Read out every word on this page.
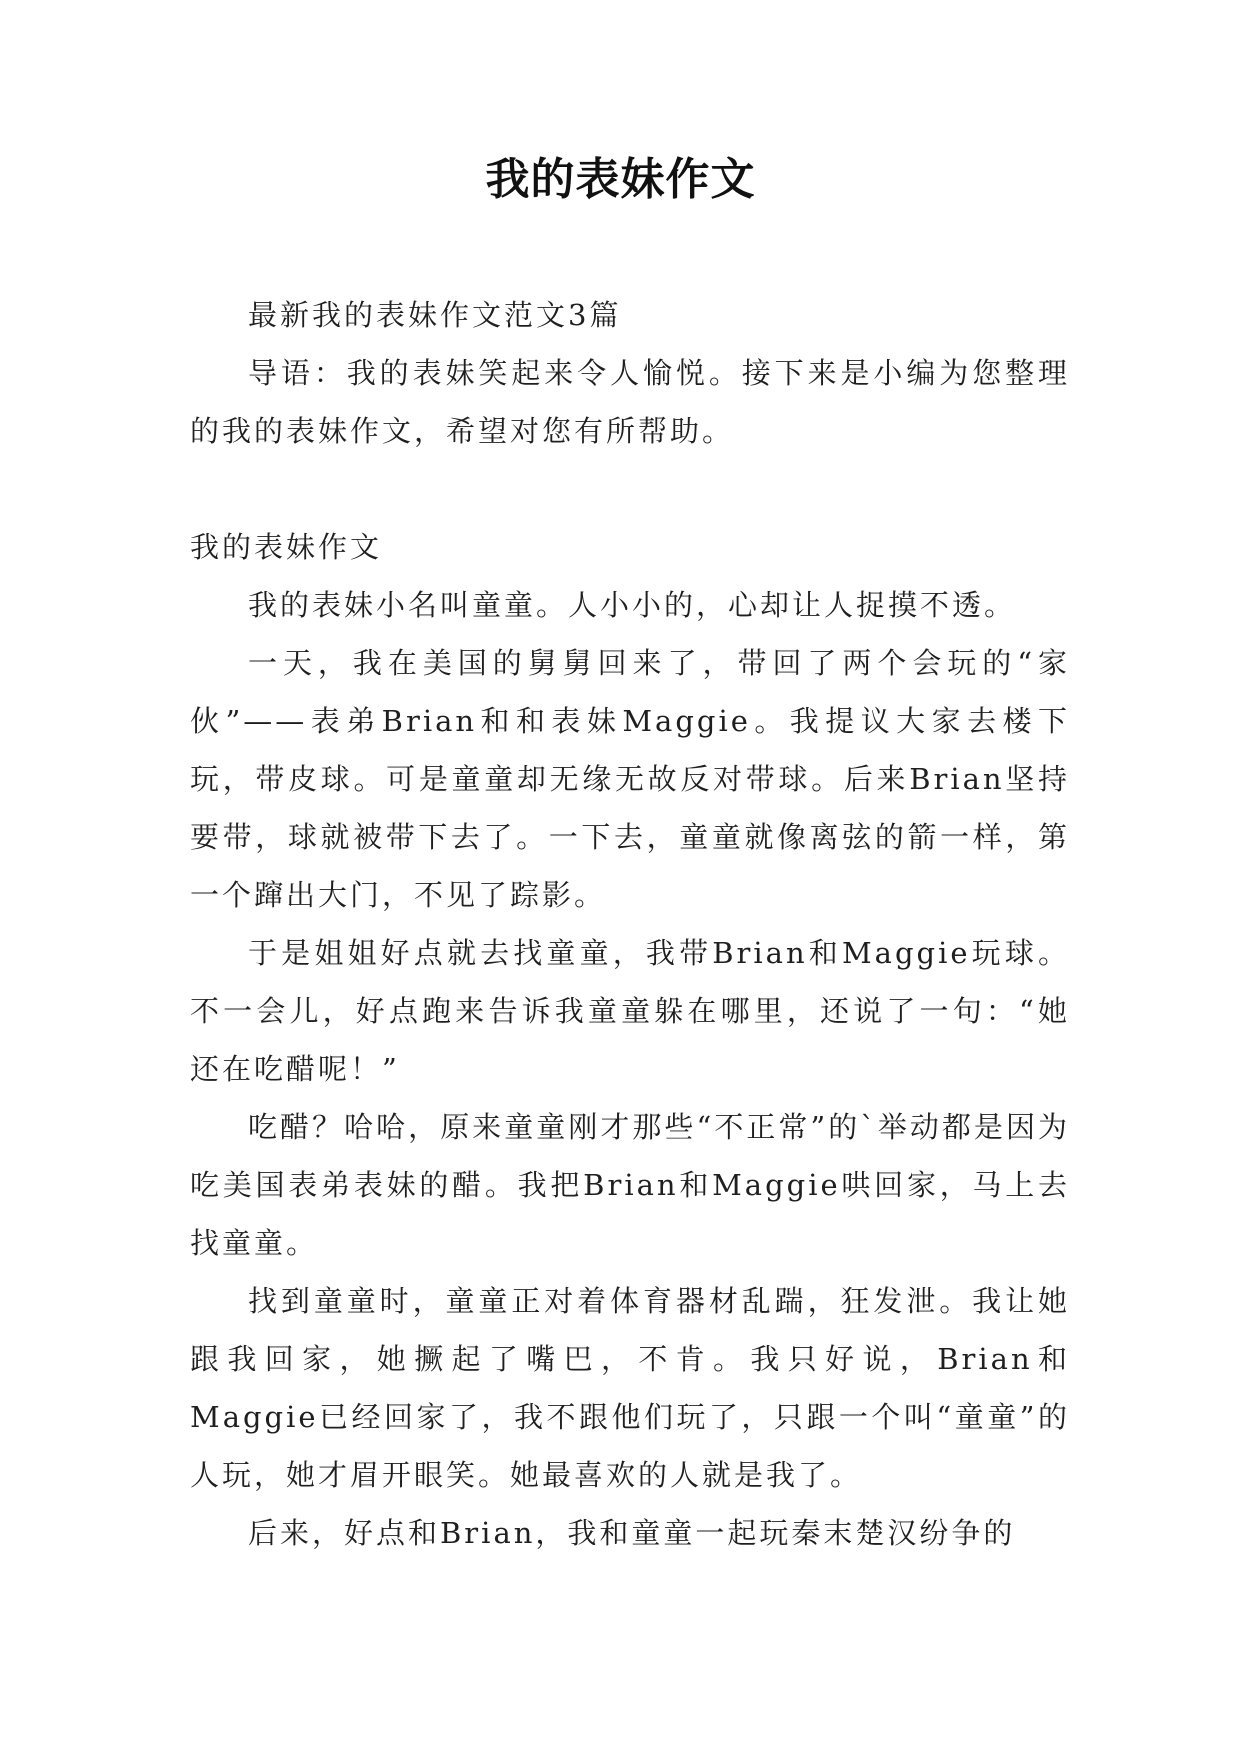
我的表妹作文

最新我的表妹作文范文3篇

导语：我的表妹笑起来令人愉悦。接下来是小编为您整理的我的表妹作文，希望对您有所帮助。

我的表妹作文

我的表妹小名叫童童。人小小的，心却让人捉摸不透。

一天，我在美国的舅舅回来了，带回了两个会玩的“家伙”——表弟Brian和和表妹Maggie。我提议大家去楼下玩，带皮球。可是童童却无缘无故反对带球。后来Brian坚持要带，球就被带下去了。一下去，童童就像离弦的箭一样，第一个蹿出大门，不见了踪影。

于是姐姐好点就去找童童，我带Brian和Maggie玩球。不一会儿，好点跑来告诉我童童躲在哪里，还说了一句：“她还在吃醋呢！”

吃醋？哈哈，原来童童刚才那些“不正常”的`举动都是因为吃美国表弟表妹的醋。我把Brian和Maggie哄回家，马上去找童童。

找到童童时，童童正对着体育器材乱踹，狂发泄。我让她跟我回家，她撅起了嘴巴，不肯。我只好说，Brian和Maggie已经回家了，我不跟他们玩了，只跟一个叫“童童”的人玩，她才眉开眼笑。她最喜欢的人就是我了。

后来，好点和Brian，我和童童一起玩秦末楚汉纷争的
